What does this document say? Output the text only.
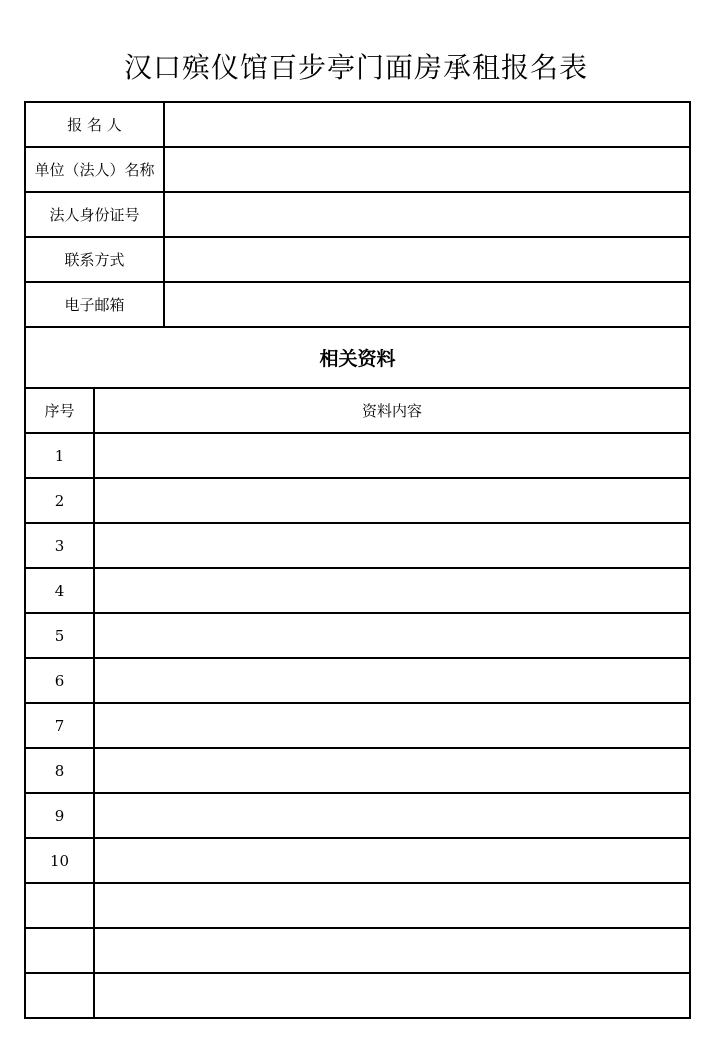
汉口殡仪馆百步亭门面房承租报名表
报 名 人		
单位（法人）名称		
法人身份证号		
联系方式		
电子邮箱		
相关资料		
序号	资料内容	
1		
2		
3		
4		
5		
6		
7		
8		
9		
10		
